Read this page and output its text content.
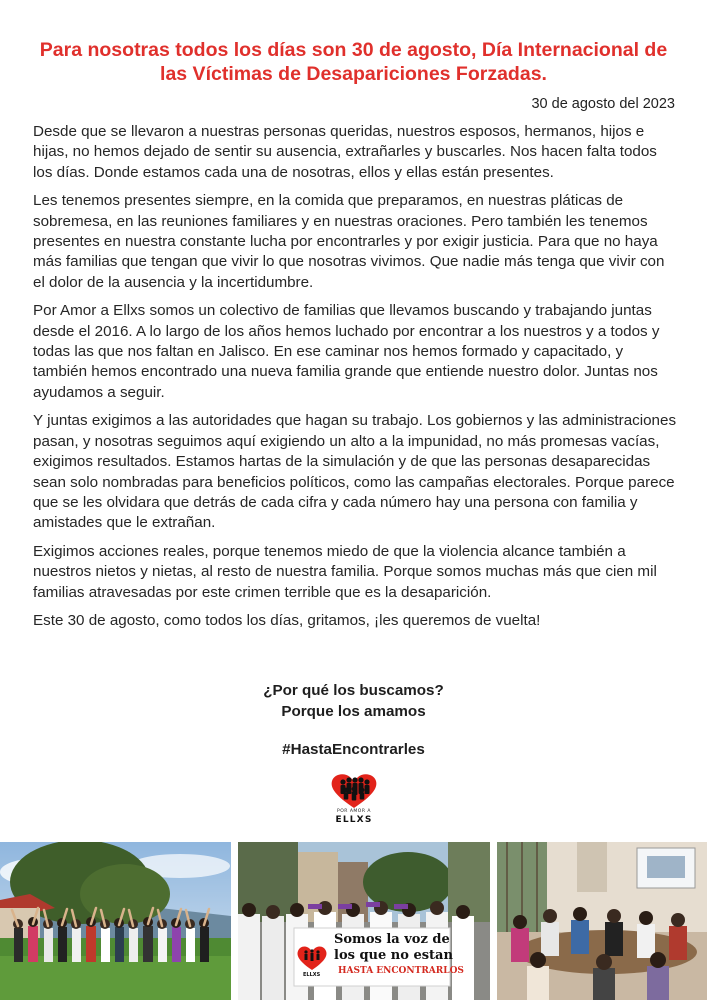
Para nosotras todos los días son 30 de agosto, Día Internacional de las Víctimas de Desapariciones Forzadas.
30 de agosto del 2023

Desde que se llevaron a nuestras personas queridas, nuestros esposos, hermanos, hijos e hijas, no hemos dejado de sentir su ausencia, extrañarles y buscarles. Nos hacen falta todos los días. Donde estamos cada una de nosotras, ellos y ellas están presentes.

Les tenemos presentes siempre, en la comida que preparamos, en nuestras pláticas de sobremesa, en las reuniones familiares y en nuestras oraciones. Pero también les tenemos presentes en nuestra constante lucha por encontrarles y por exigir justicia. Para que no haya más familias que tengan que vivir lo que nosotras vivimos. Que nadie más tenga que vivir con el dolor de la ausencia y la incertidumbre.

Por Amor a Ellxs somos un colectivo de familias que llevamos buscando y trabajando juntas desde el 2016. A lo largo de los años hemos luchado por encontrar a los nuestros y a todos y todas las que nos faltan en Jalisco. En ese caminar nos hemos formado y capacitado, y también hemos encontrado una nueva familia grande que entiende nuestro dolor. Juntas nos ayudamos a seguir.

Y juntas exigimos a las autoridades que hagan su trabajo. Los gobiernos y las administraciones pasan, y nosotras seguimos aquí exigiendo un alto a la impunidad, no más promesas vacías, exigimos resultados. Estamos hartas de la simulación y de que las personas desaparecidas sean solo nombradas para beneficios políticos, como las campañas electorales. Porque parece que se les olvidara que detrás de cada cifra y cada número hay una persona con familia y amistades que le extrañan.

Exigimos acciones reales, porque tenemos miedo de que la violencia alcance también a nuestros nietos y nietas, al resto de nuestra familia. Porque somos muchas más que cien mil familias atravesadas por este crimen terrible que es la desaparición.

Este 30 de agosto, como todos los días, gritamos, ¡les queremos de vuelta!

¿Por qué los buscamos?

Porque los amamos

#HastaEncontrarles

POR AMOR A
ELLXS
Somos la voz de
los que no estan
HASTA ENCONTRARLOS
ELLXS
